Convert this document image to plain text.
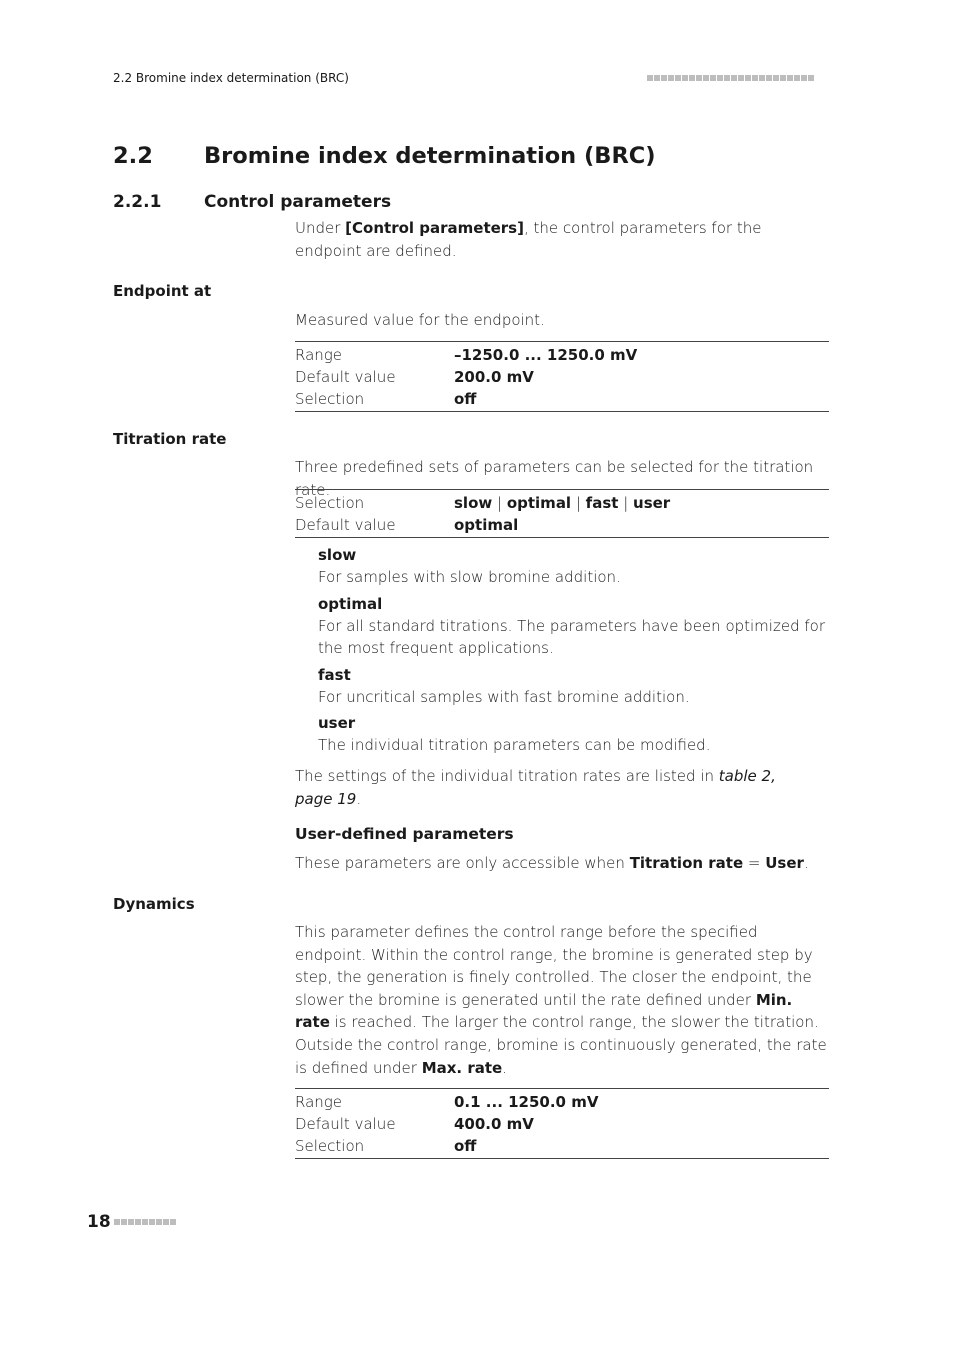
2.2 Bromine index determination (BRC)
2.2 Bromine index determination (BRC)
2.2.1	Control parameters
Under [Control parameters], the control parameters for the endpoint are defined.
Endpoint at
Measured value for the endpoint.
Range	–1250.0 ... 1250.0 mV
Default value	200.0 mV
Selection	off
Titration rate
Three predefined sets of parameters can be selected for the titration rate.
Selection	slow | optimal | fast | user
Default value	optimal
slow
For samples with slow bromine addition.
optimal
For all standard titrations. The parameters have been optimized for the most frequent applications.
fast
For uncritical samples with fast bromine addition.
user
The individual titration parameters can be modified.
The settings of the individual titration rates are listed in table 2, page 19.
User-defined parameters
These parameters are only accessible when Titration rate = User.
Dynamics
This parameter defines the control range before the specified endpoint. Within the control range, the bromine is generated step by step, the generation is finely controlled. The closer the endpoint, the slower the bromine is generated until the rate defined under Min. rate is reached. The larger the control range, the slower the titration. Outside the control range, bromine is continuously generated, the rate is defined under Max. rate.
Range	0.1 ... 1250.0 mV
Default value	400.0 mV
Selection	off
18
